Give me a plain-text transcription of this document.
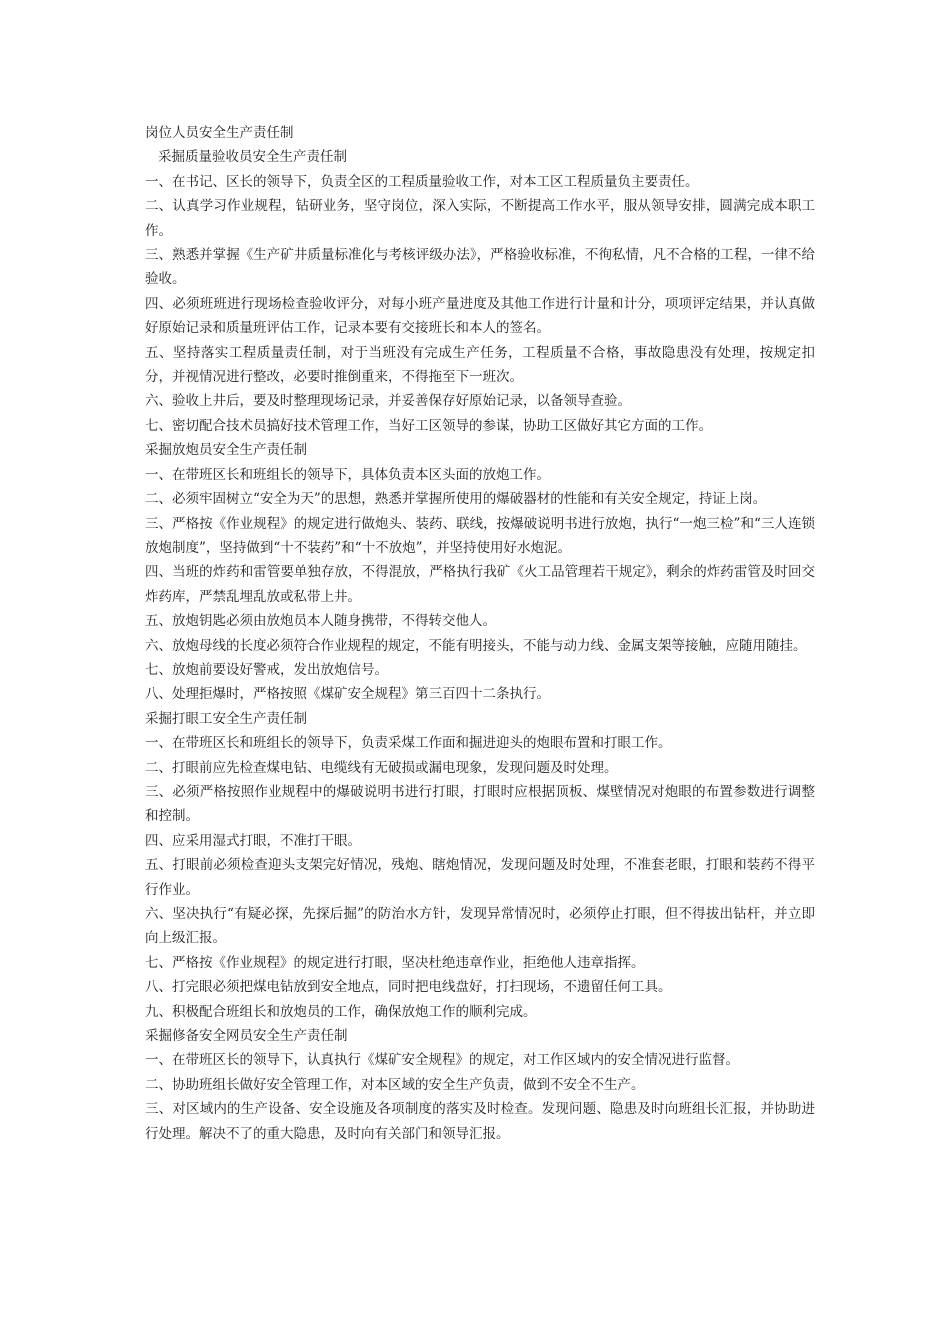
岗位人员安全生产责任制

采掘质量验收员安全生产责任制

一、在书记、区长的领导下，负责全区的工程质量验收工作，对本工区工程质量负主要责任。

二、认真学习作业规程，钻研业务，坚守岗位，深入实际，不断提高工作水平，服从领导安排，圆满完成本职工作。

三、熟悉并掌握《生产矿井质量标准化与考核评级办法》，严格验收标准，不徇私情，凡不合格的工程，一律不给验收。

四、必须班班进行现场检查验收评分，对每小班产量进度及其他工作进行计量和计分，项项评定结果，并认真做好原始记录和质量班评估工作，记录本要有交接班长和本人的签名。

五、坚持落实工程质量责任制，对于当班没有完成生产任务，工程质量不合格，事故隐患没有处理，按规定扣分，并视情况进行整改，必要时推倒重来，不得拖至下一班次。

六、验收上井后，要及时整理现场记录，并妥善保存好原始记录，以备领导查验。

七、密切配合技术员搞好技术管理工作，当好工区领导的参谋，协助工区做好其它方面的工作。

采掘放炮员安全生产责任制

一、在带班区长和班组长的领导下，具体负责本区头面的放炮工作。

二、必须牢固树立“安全为天”的思想，熟悉并掌握所使用的爆破器材的性能和有关安全规定，持证上岗。

三、严格按《作业规程》的规定进行做炮头、装药、联线，按爆破说明书进行放炮，执行“一炮三检”和“三人连锁放炮制度”，坚持做到“十不装药”和“十不放炮”，并坚持使用好水炮泥。

四、当班的炸药和雷管要单独存放，不得混放，严格执行我矿《火工品管理若干规定》，剩余的炸药雷管及时回交炸药库，严禁乱埋乱放或私带上井。

五、放炮钥匙必须由放炮员本人随身携带，不得转交他人。

六、放炮母线的长度必须符合作业规程的规定，不能有明接头，不能与动力线、金属支架等接触，应随用随挂。

七、放炮前要设好警戒，发出放炮信号。

八、处理拒爆时，严格按照《煤矿安全规程》第三百四十二条执行。

采掘打眼工安全生产责任制

一、在带班区长和班组长的领导下，负责采煤工作面和掘进迎头的炮眼布置和打眼工作。

二、打眼前应先检查煤电钻、电缆线有无破损或漏电现象，发现问题及时处理。

三、必须严格按照作业规程中的爆破说明书进行打眼，打眼时应根据顶板、煤壁情况对炮眼的布置参数进行调整和控制。

四、应采用湿式打眼，不准打干眼。

五、打眼前必须检查迎头支架完好情况，残炮、瞎炮情况，发现问题及时处理，不准套老眼，打眼和装药不得平行作业。

六、坚决执行“有疑必探，先探后掘”的防治水方针，发现异常情况时，必须停止打眼，但不得拔出钻杆，并立即向上级汇报。

七、严格按《作业规程》的规定进行打眼，坚决杜绝违章作业，拒绝他人违章指挥。

八、打完眼必须把煤电钻放到安全地点，同时把电线盘好，打扫现场，不遗留任何工具。

九、积极配合班组长和放炮员的工作，确保放炮工作的顺利完成。

采掘修备安全网员安全生产责任制

一、在带班区长的领导下，认真执行《煤矿安全规程》的规定，对工作区域内的安全情况进行监督。

二、协助班组长做好安全管理工作，对本区域的安全生产负责，做到不安全不生产。

三、对区域内的生产设备、安全设施及各项制度的落实及时检查。发现问题、隐患及时向班组长汇报，并协助进行处理。解决不了的重大隐患，及时向有关部门和领导汇报。
